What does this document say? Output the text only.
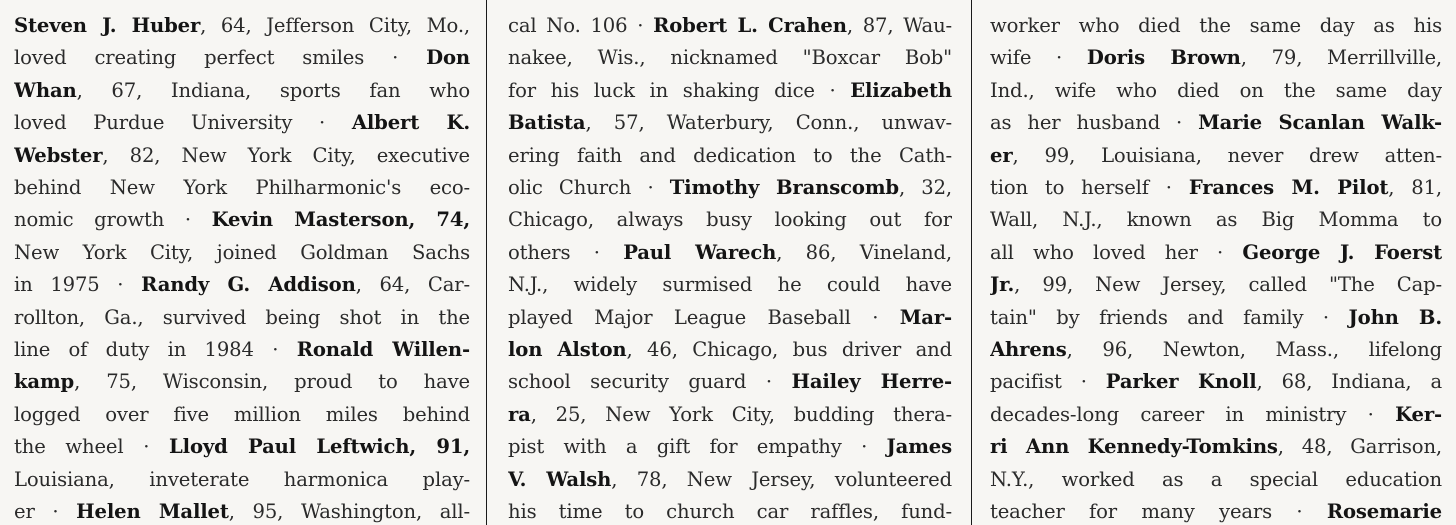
Steven J. Huber, 64, Jefferson City, Mo.,
loved creating perfect smiles · Don
Whan, 67, Indiana, sports fan who
loved Purdue University · Albert K.
Webster, 82, New York City, executive
behind New York Philharmonic's eco-
nomic growth · Kevin Masterson, 74,
New York City, joined Goldman Sachs
in 1975 · Randy G. Addison, 64, Car-
rollton, Ga., survived being shot in the
line of duty in 1984 · Ronald Willen-
kamp, 75, Wisconsin, proud to have
logged over five million miles behind
the wheel · Lloyd Paul Leftwich, 91,
Louisiana, inveterate harmonica play-
er · Helen Mallet, 95, Washington, all-
cal No. 106 · Robert L. Crahen, 87, Wau-
nakee, Wis., nicknamed "Boxcar Bob"
for his luck in shaking dice · Elizabeth
Batista, 57, Waterbury, Conn., unwav-
ering faith and dedication to the Cath-
olic Church · Timothy Branscomb, 32,
Chicago, always busy looking out for
others · Paul Warech, 86, Vineland,
N.J., widely surmised he could have
played Major League Baseball · Mar-
lon Alston, 46, Chicago, bus driver and
school security guard · Hailey Herre-
ra, 25, New York City, budding thera-
pist with a gift for empathy · James
V. Walsh, 78, New Jersey, volunteered
his time to church car raffles, fund-
worker who died the same day as his
wife · Doris Brown, 79, Merrillville,
Ind., wife who died on the same day
as her husband · Marie Scanlan Walk-
er, 99, Louisiana, never drew atten-
tion to herself · Frances M. Pilot, 81,
Wall, N.J., known as Big Momma to
all who loved her · George J. Foerst
Jr., 99, New Jersey, called "The Cap-
tain" by friends and family · John B.
Ahrens, 96, Newton, Mass., lifelong
pacifist · Parker Knoll, 68, Indiana, a
decades-long career in ministry · Ker-
ri Ann Kennedy-Tomkins, 48, Garrison,
N.Y., worked as a special education
teacher for many years · Rosemarie
